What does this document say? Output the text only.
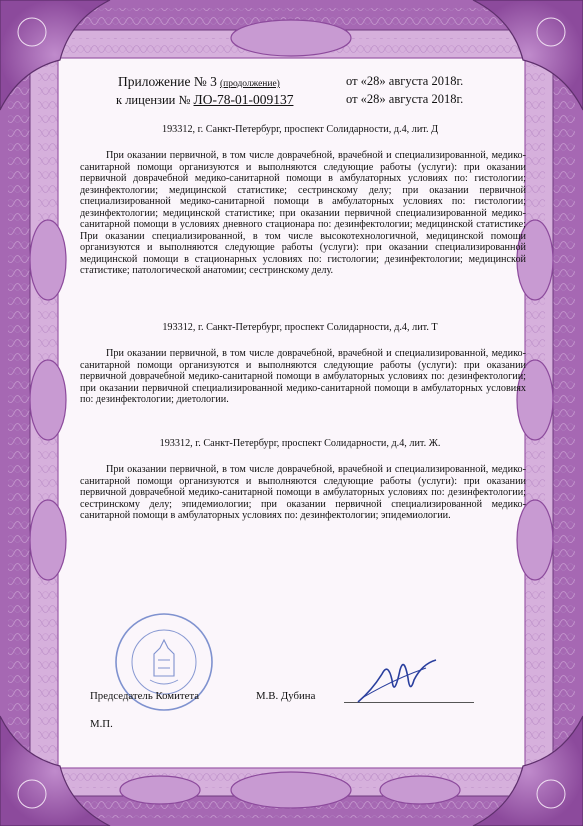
Приложение № 3 (продолжение)	от «28» августа 2018г.
к лицензии № ЛО-78-01-009137	от «28» августа 2018г.
193312, г. Санкт-Петербург, проспект Солидарности, д.4, лит. Д
При оказании первичной, в том числе доврачебной, врачебной и специализированной, медико-санитарной помощи организуются и выполняются следующие работы (услуги): при оказании первичной доврачебной медико-санитарной помощи в амбулаторных условиях по: гистологии; дезинфектологии; медицинской статистике; сестринскому делу; при оказании первичной специализированной медико-санитарной помощи в амбулаторных условиях по: гистологии; дезинфектологии; медицинской статистике; при оказании первичной специализированной медико-санитарной помощи в условиях дневного стационара по: дезинфектологии; медицинской статистике; При оказании специализированной, в том числе высокотехнологичной, медицинской помощи организуются и выполняются следующие работы (услуги): при оказании специализированной медицинской помощи в стационарных условиях по: гистологии; дезинфектологии; медицинской статистике; патологической анатомии; сестринскому делу.
193312, г. Санкт-Петербург, проспект Солидарности, д.4, лит. Т
При оказании первичной, в том числе доврачебной, врачебной и специализированной, медико-санитарной помощи организуются и выполняются следующие работы (услуги): при оказании первичной доврачебной медико-санитарной помощи в амбулаторных условиях по: дезинфектологии; при оказании первичной специализированной медико-санитарной помощи в амбулаторных условиях по: дезинфектологии; диетологии.
193312, г. Санкт-Петербург, проспект Солидарности, д.4, лит. Ж.
При оказании первичной, в том числе доврачебной, врачебной и специализированной, медико-санитарной помощи организуются и выполняются следующие работы (услуги): при оказании первичной доврачебной медико-санитарной помощи в амбулаторных условиях по: дезинфектологии; сестринскому делу; эпидемиологии; при оказании первичной специализированной медико-санитарной помощи в амбулаторных условиях по: дезинфектологии; эпидемиологии.
Председатель Комитета	М.В. Дубина
М.П.
